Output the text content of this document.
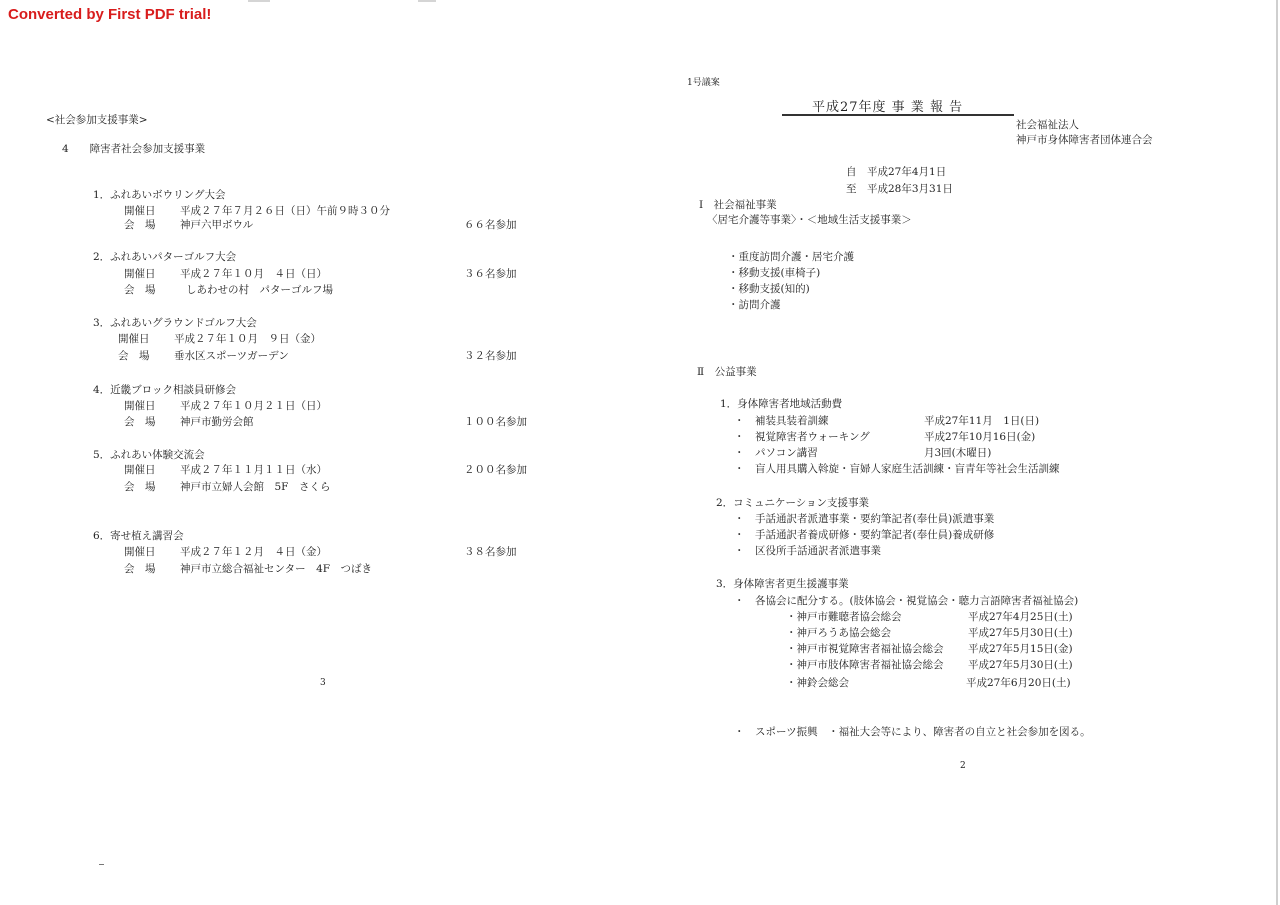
Converted by First PDF trial!
<社会参加支援事業>
4　　障害者社会参加支援事業
1．ふれあいボウリング大会
開催日 平成２７年７月２６日（日）午前９時３０分
会　場 神戸六甲ボウル	６６名参加
2．ふれあいパターゴルフ大会
開催日 平成２７年１０月　４日（日）	３６名参加
会　場	しあわせの村　パターゴルフ場
3．ふれあいグラウンドゴルフ大会
開催日 平成２７年１０月　９日（金）
会　場 垂水区スポーツガーデン	３２名参加
4．近畿ブロック相談員研修会
開催日 平成２７年１０月２１日（日）
会　場 神戸市勤労会館	１００名参加
5．ふれあい体験交流会
開催日 平成２７年１１月１１日（水）	２００名参加
会　場 神戸市立婦人会館　5F　さくら
6．寄せ植え講習会
開催日 平成２７年１２月　４日（金）	３８名参加
会　場 神戸市立総合福祉センター　4F　つばき
3
1号議案
平成27年度 事 業 報 告
社会福祉法人
神戸市身体障害者団体連合会
自　平成27年4月1日
至　平成28年3月31日
Ⅰ　社会福祉事業
〈居宅介護等事業〉・＜地域生活支援事業＞
・重度訪問介護・居宅介護
・移動支援(車椅子)
・移動支援(知的)
・訪問介護
Ⅱ　公益事業
1．身体障害者地域活動費
・　補装具装着訓練	平成27年11月　1日(日)
・　視覚障害者ウォーキング	平成27年10月16日(金)
・　パソコン講習	月3回(木曜日)
・　盲人用具購入斡旋・盲婦人家庭生活訓練・盲青年等社会生活訓練
2．コミュニケーション支援事業
・　手話通訳者派遣事業・要約筆記者(奉仕員)派遣事業
・　手話通訳者養成研修・要約筆記者(奉仕員)養成研修
・　区役所手話通訳者派遣事業
3．身体障害者更生援護事業
・　各協会に配分する。(肢体協会・視覚協会・聴力言語障害者福祉協会)
・神戸市難聴者協会総会	平成27年4月25日(土)
・神戸ろうあ協会総会	平成27年5月30日(土)
・神戸市視覚障害者福祉協会総会 平成27年5月15日(金)
・神戸市肢体障害者福祉協会総会 平成27年5月30日(土)
・神鈴会総会	平成27年6月20日(土)
・　スポーツ振興　・福祉大会等により、障害者の自立と社会参加を図る。
2
